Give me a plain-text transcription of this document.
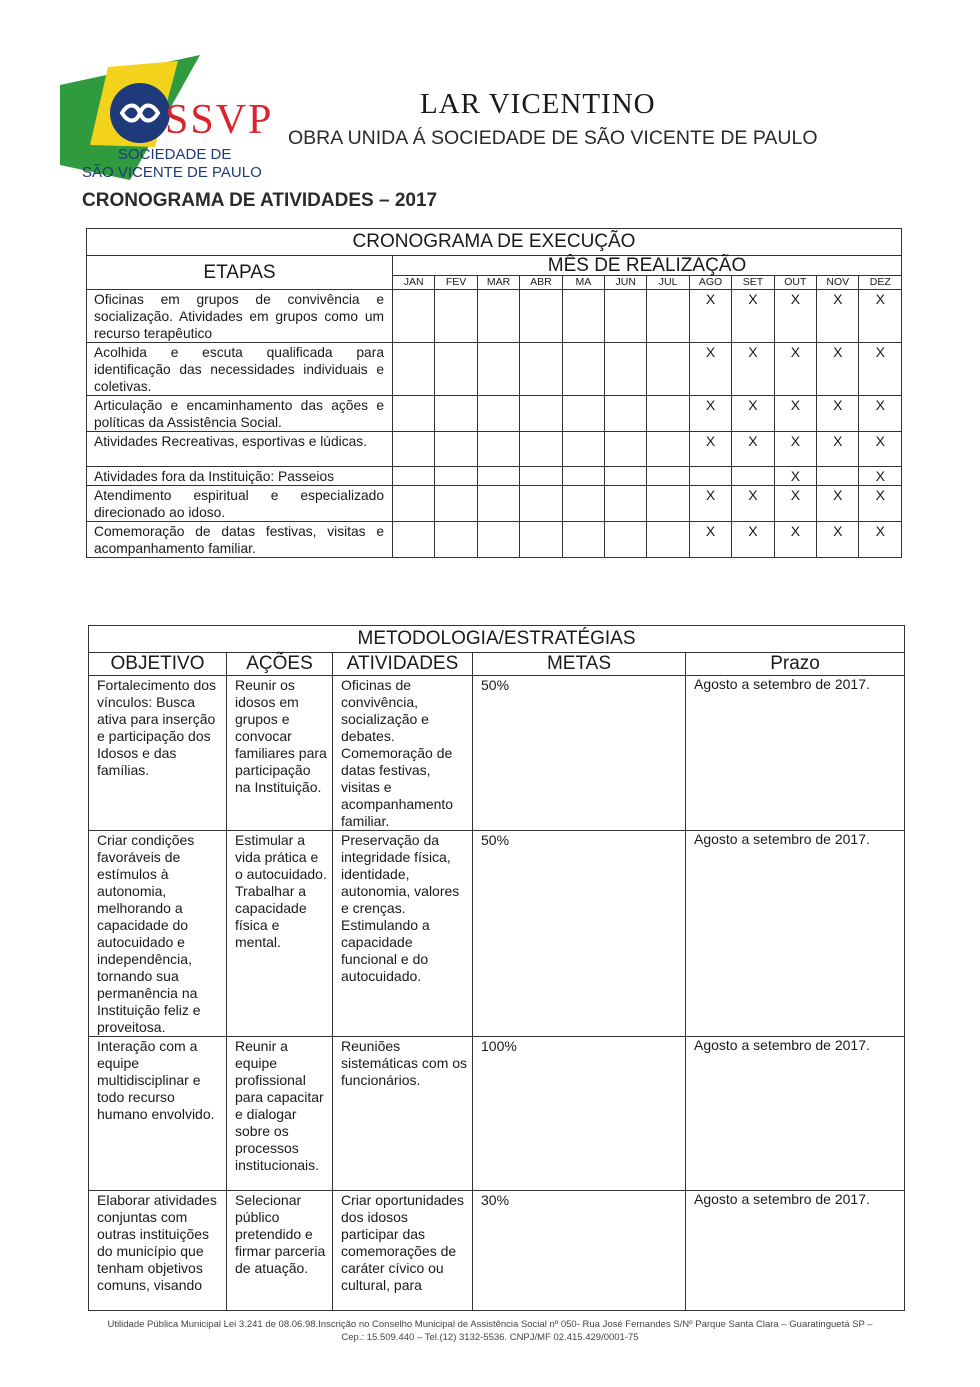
SSVP
SOCIEDADE DE
SÃO VICENTE DE PAULO
LAR VICENTINO
OBRA UNIDA Á SOCIEDADE DE SÃO VICENTE DE PAULO
CRONOGRAMA DE ATIVIDADES – 2017
CRONOGRAMA DE EXECUÇÃO												
ETAPAS	MÊS DE REALIZAÇÃO											
	JAN	FEV	MAR	ABR	MA	JUN	JUL	AGO	SET	OUT	NOV	DEZ
Oficinas em grupos de convivência e socialização. Atividades em grupos como um recurso terapêutico								X	X	X	X	X
Acolhida e escuta qualificada para identificação das necessidades individuais e coletivas.								X	X	X	X	X
Articulação e encaminhamento das ações e políticas da Assistência Social.								X	X	X	X	X
Atividades Recreativas, esportivas e lúdicas.								X	X	X	X	X
Atividades fora da Instituição: Passeios										X		X
Atendimento espiritual e especializado direcionado ao idoso.								X	X	X	X	X
Comemoração de datas festivas, visitas e acompanhamento familiar.								X	X	X	X	X
METODOLOGIA/ESTRATÉGIAS				
OBJETIVO	AÇÕES	ATIVIDADES	METAS	Prazo
Fortalecimento dos vínculos: Busca ativa para inserção e participação dos Idosos e das famílias.	Reunir os idosos em grupos e convocar familiares para participação na Instituição.	Oficinas de convivência, socialização e debates. Comemoração de datas festivas, visitas e acompanhamento familiar.	50%	Agosto a setembro de 2017.
Criar condições favoráveis de estímulos à autonomia, melhorando a capacidade do autocuidado e independência, tornando sua permanência na Instituição feliz e proveitosa.	Estimular a vida prática e o autocuidado. Trabalhar a capacidade física e mental.	Preservação da integridade física, identidade, autonomia, valores e crenças. Estimulando a capacidade funcional e do autocuidado.	50%	Agosto a setembro de 2017.
Interação com a equipe multidisciplinar e todo recurso humano envolvido.	Reunir a equipe profissional para capacitar e dialogar sobre os processos institucionais.	Reuniões sistemáticas com os funcionários.	100%	Agosto a setembro de 2017.
Elaborar atividades conjuntas com outras instituições do município que tenham objetivos comuns, visando	Selecionar público pretendido e firmar parceria de atuação.	Criar oportunidades dos idosos participar das comemorações de caráter cívico ou cultural, para	30%	Agosto a setembro de 2017.
Utilidade Pública Municipal Lei 3.241 de 08.06.98.Inscrição no Conselho Municipal de Assistência Social nº 050- Rua José Fernandes S/Nº Parque Santa Clara – Guaratinguetá SP –
Cep.: 15.509.440 – Tel.(12) 3132-5536. CNPJ/MF 02.415.429/0001-75
